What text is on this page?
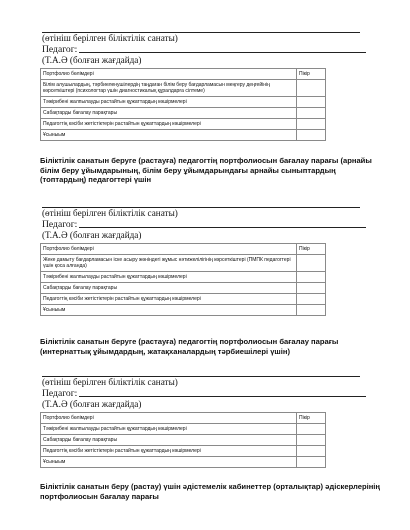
(өтініш берілген біліктілік санаты)
Педагог:
(Т.А.Ә (болған жағдайда)
Портфолио бөлімдері	Пікір
Білім алушылардың, тәрбиеленушілердің таңдаған білім беру бағдарламасын меңгеру деңгейінің көрсеткіштері (психологтар үшін диагностикалық құралдарға сілтеме)	
Тәжірибені жалпылауды растайтын құжаттардың көшірмелері	
Сабақтарды бағалау парақтары	
Педагогтің кәсіби жетістіктерін растайтын құжаттардың көшірмелері	
Ұсыныым	
Біліктілік санатын беруге (растауға) педагогтің портфолиосын бағалау парағы (арнайы білім беру ұйымдарының, білім беру ұйымдарындағы арнайы сыныптардың (топтардың) педагогтері үшін
(өтініш берілген біліктілік санаты)
Педагог:
(Т.А.Ә (болған жағдайда)
Портфолио бөлімдері	Пікір
Жеке дамыту бағдарламасын іске асыру жөніндегі жұмыс нәтижелілігінің көрсеткіштері (ПМПК педагогтері үшін қоса алғанда)	
Тәжірибені жалпылауды растайтын құжаттардың көшірмелері	
Сабақтарды бағалау парақтары	
Педагогтің кәсіби жетістіктерін растайтын құжаттардың көшірмелері	
Ұсыныым	
Біліктілік санатын беруге (растауға) педагогтің портфолиосын бағалау парағы (интернаттық ұйымдардың, жатақханалардың тәрбиешілері үшін)
(өтініш берілген біліктілік санаты)
Педагог:
(Т.А.Ә (болған жағдайда)
Портфолио бөлімдері	Пікір
Тәжірибені жалпылауды растайтын құжаттардың көшірмелері	
Сабақтарды бағалау парақтары	
Педагогтің кәсіби жетістіктерін растайтын құжаттардың көшірмелері	
Ұсыныым	
Біліктілік санатын беру (растау) үшін әдістемелік кабинеттер (орталықтар) әдіскерлерінің портфолиосын бағалау парағы
